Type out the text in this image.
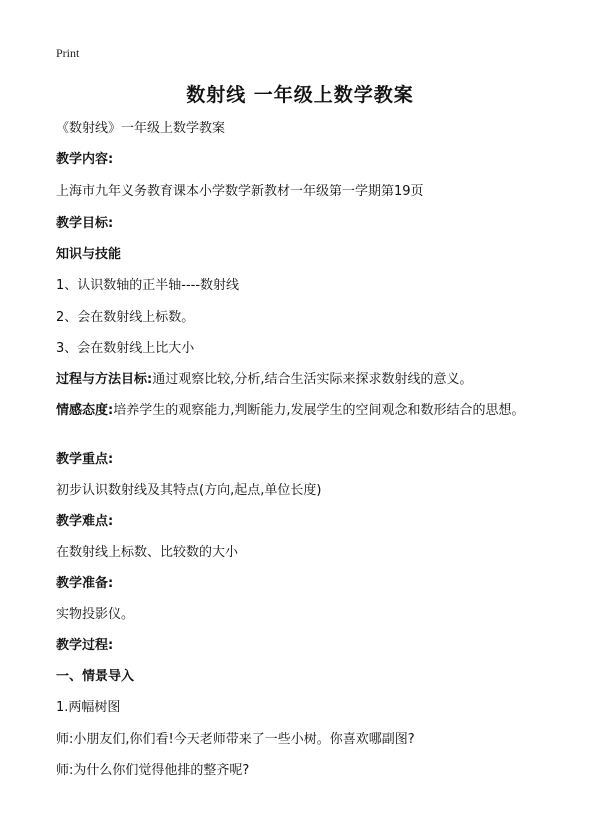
Print
数射线 一年级上数学教案
《数射线》一年级上数学教案
教学内容:
上海市九年义务教育课本小学数学新教材一年级第一学期第19页
教学目标:
知识与技能
1、认识数轴的正半轴----数射线
2、会在数射线上标数。
3、会在数射线上比大小
过程与方法目标:通过观察比较,分析,结合生活实际来探求数射线的意义。
情感态度:培养学生的观察能力,判断能力,发展学生的空间观念和数形结合的思想。
教学重点:
初步认识数射线及其特点(方向,起点,单位长度)
教学难点:
在数射线上标数、比较数的大小
教学准备:
实物投影仪。
教学过程:
一、情景导入
1.两幅树图
师:小朋友们,你们看!今天老师带来了一些小树。你喜欢哪副图?
师:为什么你们觉得他排的整齐呢?
